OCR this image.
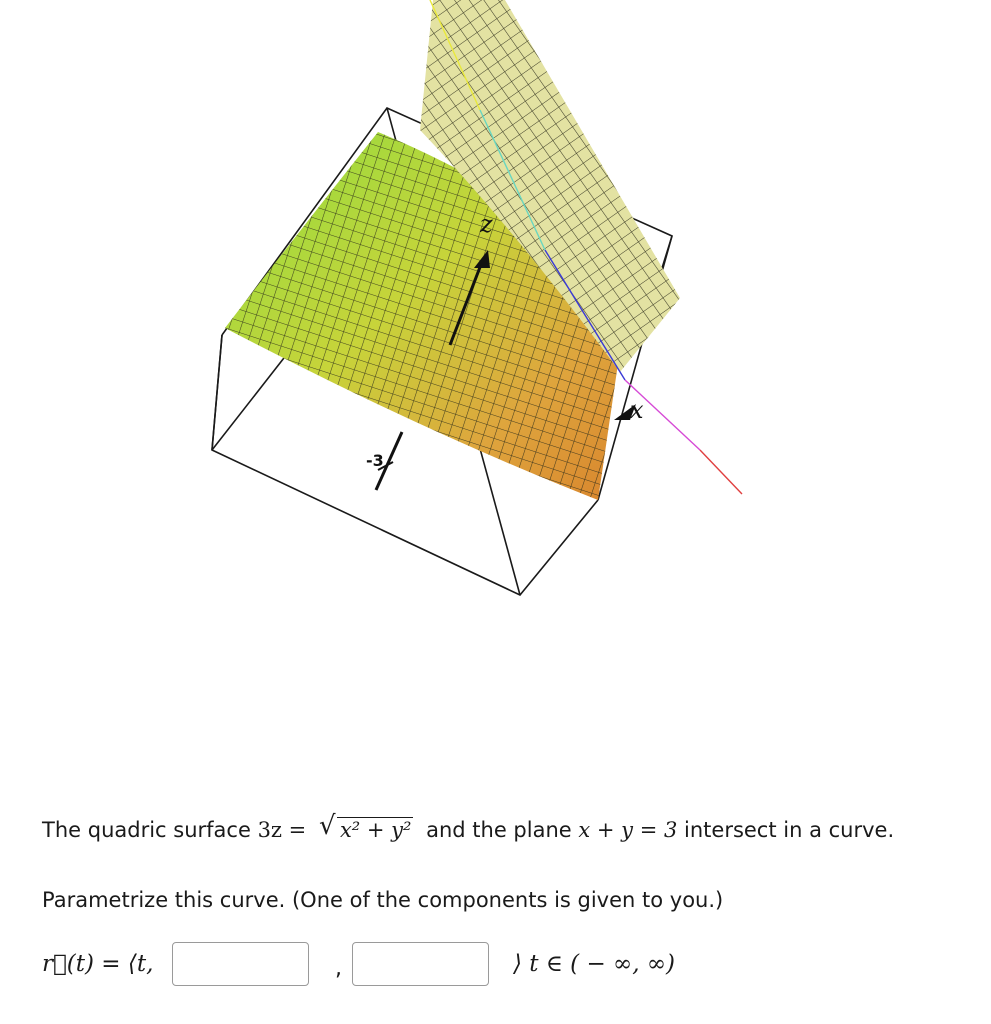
z
x
-3
The quadric surface 3z = √ x² + y² and the plane x + y = 3 intersect in a curve.
Parametrize this curve. (One of the components is given to you.)
r⃗(t) = ⟨t,	,	⟩ t ∈ ( − ∞, ∞)
